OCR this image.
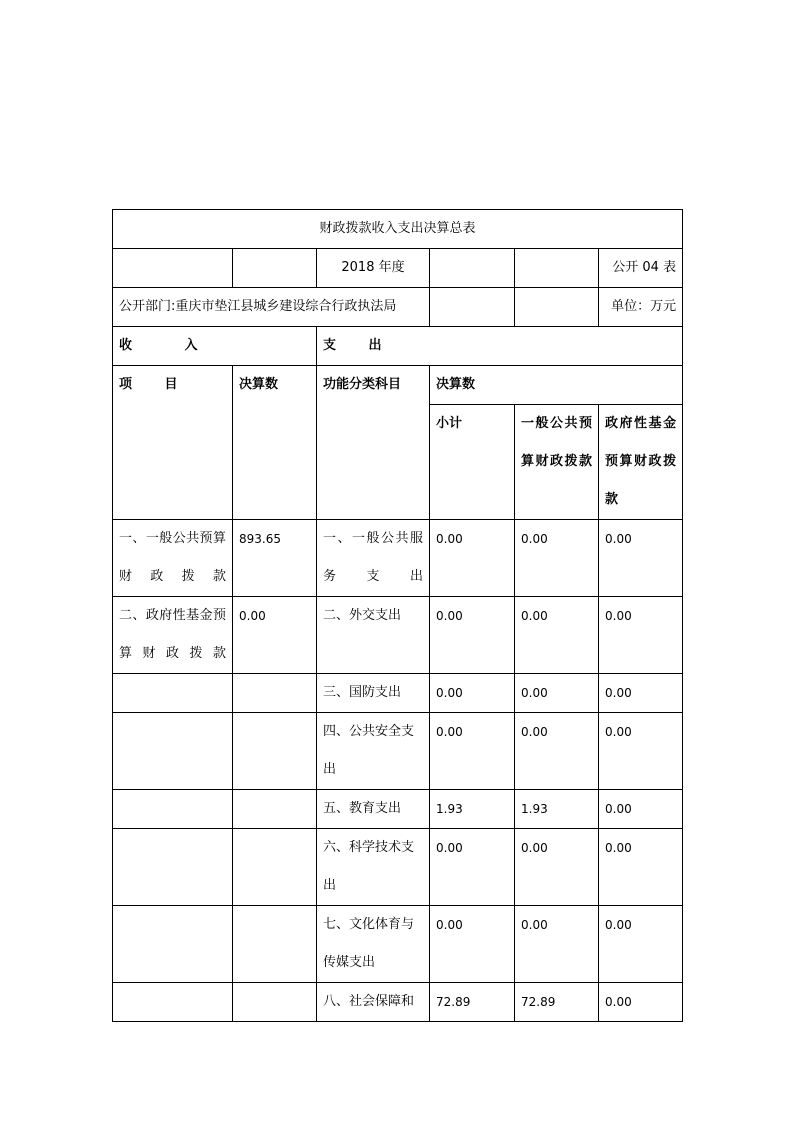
财政拨款收入支出决算总表					
		2018 年度			公开 04 表
公开部门:重庆市垫江县城乡建设综合行政执法局					单位：万元
收 入		支 出			
项 目	决算数	功能分类科目	决算数		
			小计	一般公共预算财政拨款	政府性基金预算财政拨款
一、一般公共预算财政拨款	893.65	一、一般公共服务支出	0.00	0.00	0.00
二、政府性基金预算财政拨款	0.00	二、外交支出	0.00	0.00	0.00
		三、国防支出	0.00	0.00	0.00
		四、公共安全支出	0.00	0.00	0.00
		五、教育支出	1.93	1.93	0.00
		六、科学技术支出	0.00	0.00	0.00
		七、文化体育与传媒支出	0.00	0.00	0.00
		八、社会保障和	72.89	72.89	0.00
